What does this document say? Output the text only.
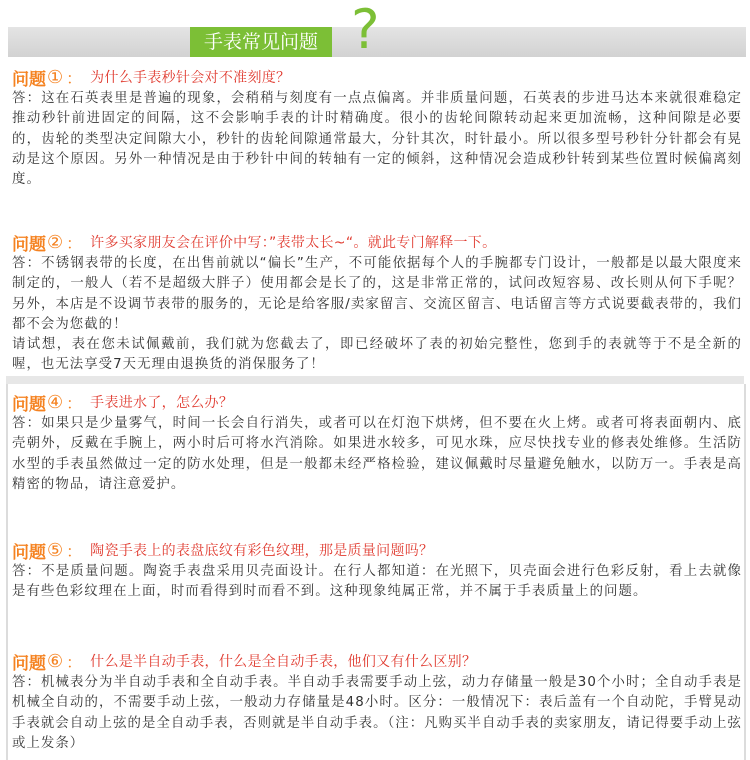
手表常见问题 ?
问题 ① ： 为什么手表秒针会对不准刻度？

答：这在石英表里是普遍的现象，会稍稍与刻度有一点点偏离。并非质量问题，石英表的步进马达本来就很难稳定推动秒针前进固定的间隔，这不会影响手表的计时精确度。很小的齿轮间隙转动起来更加流畅，这种间隙是必要的，齿轮的类型决定间隙大小，秒针的齿轮间隙通常最大，分针其次，时针最小。所以很多型号秒针分针都会有晃动是这个原因。另外一种情况是由于秒针中间的转轴有一定的倾斜，这种情况会造成秒针转到某些位置时候偏离刻度。

问题 ② ： 许多买家朋友会在评价中写：”表带太长~“。就此专门解释一下。

答：不锈钢表带的长度，在出售前就以“偏长”生产，不可能依据每个人的手腕都专门设计，一般都是以最大限度来制定的，一般人（若不是超级大胖子）使用都会是长了的，这是非常正常的，试问改短容易、改长则从何下手呢？另外，本店是不设调节表带的服务的，无论是给客服/卖家留言、交流区留言、电话留言等方式说要截表带的，我们都不会为您截的！

请试想，表在您未试佩戴前，我们就为您截去了，即已经破坏了表的初始完整性，您到手的表就等于不是全新的喔，也无法享受7天无理由退换货的消保服务了！

问题 ④ ： 手表进水了，怎么办？

答：如果只是少量雾气，时间一长会自行消失，或者可以在灯泡下烘烤，但不要在火上烤。或者可将表面朝内、底壳朝外，反戴在手腕上，两小时后可将水汽消除。如果进水较多，可见水珠，应尽快找专业的修表处维修。生活防水型的手表虽然做过一定的防水处理，但是一般都未经严格检验，建议佩戴时尽量避免触水，以防万一。手表是高精密的物品，请注意爱护。

问题 ⑤ ： 陶瓷手表上的表盘底纹有彩色纹理，那是质量问题吗？

答：不是质量问题。陶瓷手表盘采用贝壳面设计。在行人都知道：在光照下，贝壳面会进行色彩反射，看上去就像是有些色彩纹理在上面，时而看得到时而看不到。这种现象纯属正常，并不属于手表质量上的问题。

问题 ⑥ ： 什么是半自动手表，什么是全自动手表，他们又有什么区别？

答：机械表分为半自动手表和全自动手表。半自动手表需要手动上弦，动力存储量一般是30个小时；全自动手表是机械全自动的，不需要手动上弦，一般动力存储量是48小时。区分：一般情况下：表后盖有一个自动陀，手臂晃动手表就会自动上弦的是全自动手表，否则就是半自动手表。（注：凡购买半自动手表的卖家朋友，请记得要手动上弦或上发条）
